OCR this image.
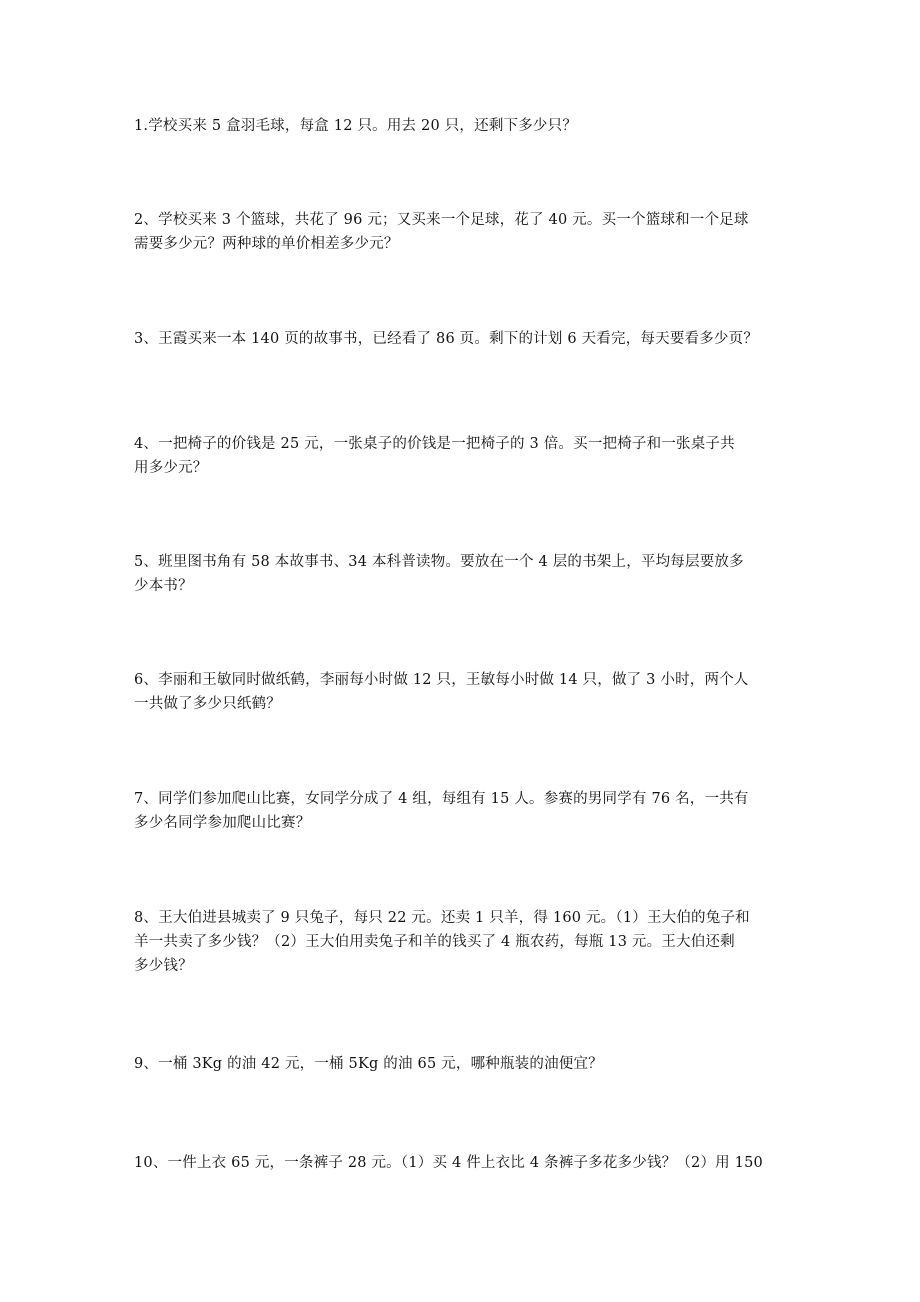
1.学校买来 5 盒羽毛球，每盒 12 只。用去 20 只，还剩下多少只？
2、学校买来 3 个篮球，共花了 96 元；又买来一个足球，花了 40 元。买一个篮球和一个足球
需要多少元？两种球的单价相差多少元？
3、王霞买来一本 140 页的故事书，已经看了 86 页。剩下的计划 6 天看完，每天要看多少页？
4、一把椅子的价钱是 25 元，一张桌子的价钱是一把椅子的 3 倍。买一把椅子和一张桌子共
用多少元？
5、班里图书角有 58 本故事书、34 本科普读物。要放在一个 4 层的书架上，平均每层要放多
少本书？
6、李丽和王敏同时做纸鹤，李丽每小时做 12 只，王敏每小时做 14 只，做了 3 小时，两个人
一共做了多少只纸鹤？
7、同学们参加爬山比赛，女同学分成了 4 组，每组有 15 人。参赛的男同学有 76 名，一共有
多少名同学参加爬山比赛？
8、王大伯进县城卖了 9 只兔子，每只 22 元。还卖 1 只羊，得 160 元。（1）王大伯的兔子和
羊一共卖了多少钱？（2）王大伯用卖兔子和羊的钱买了 4 瓶农药，每瓶 13 元。王大伯还剩
多少钱？
9、一桶 3Kg 的油 42 元，一桶 5Kg 的油 65 元，哪种瓶装的油便宜？
10、一件上衣 65 元，一条裤子 28 元。（1）买 4 件上衣比 4 条裤子多花多少钱？（2）用 150
